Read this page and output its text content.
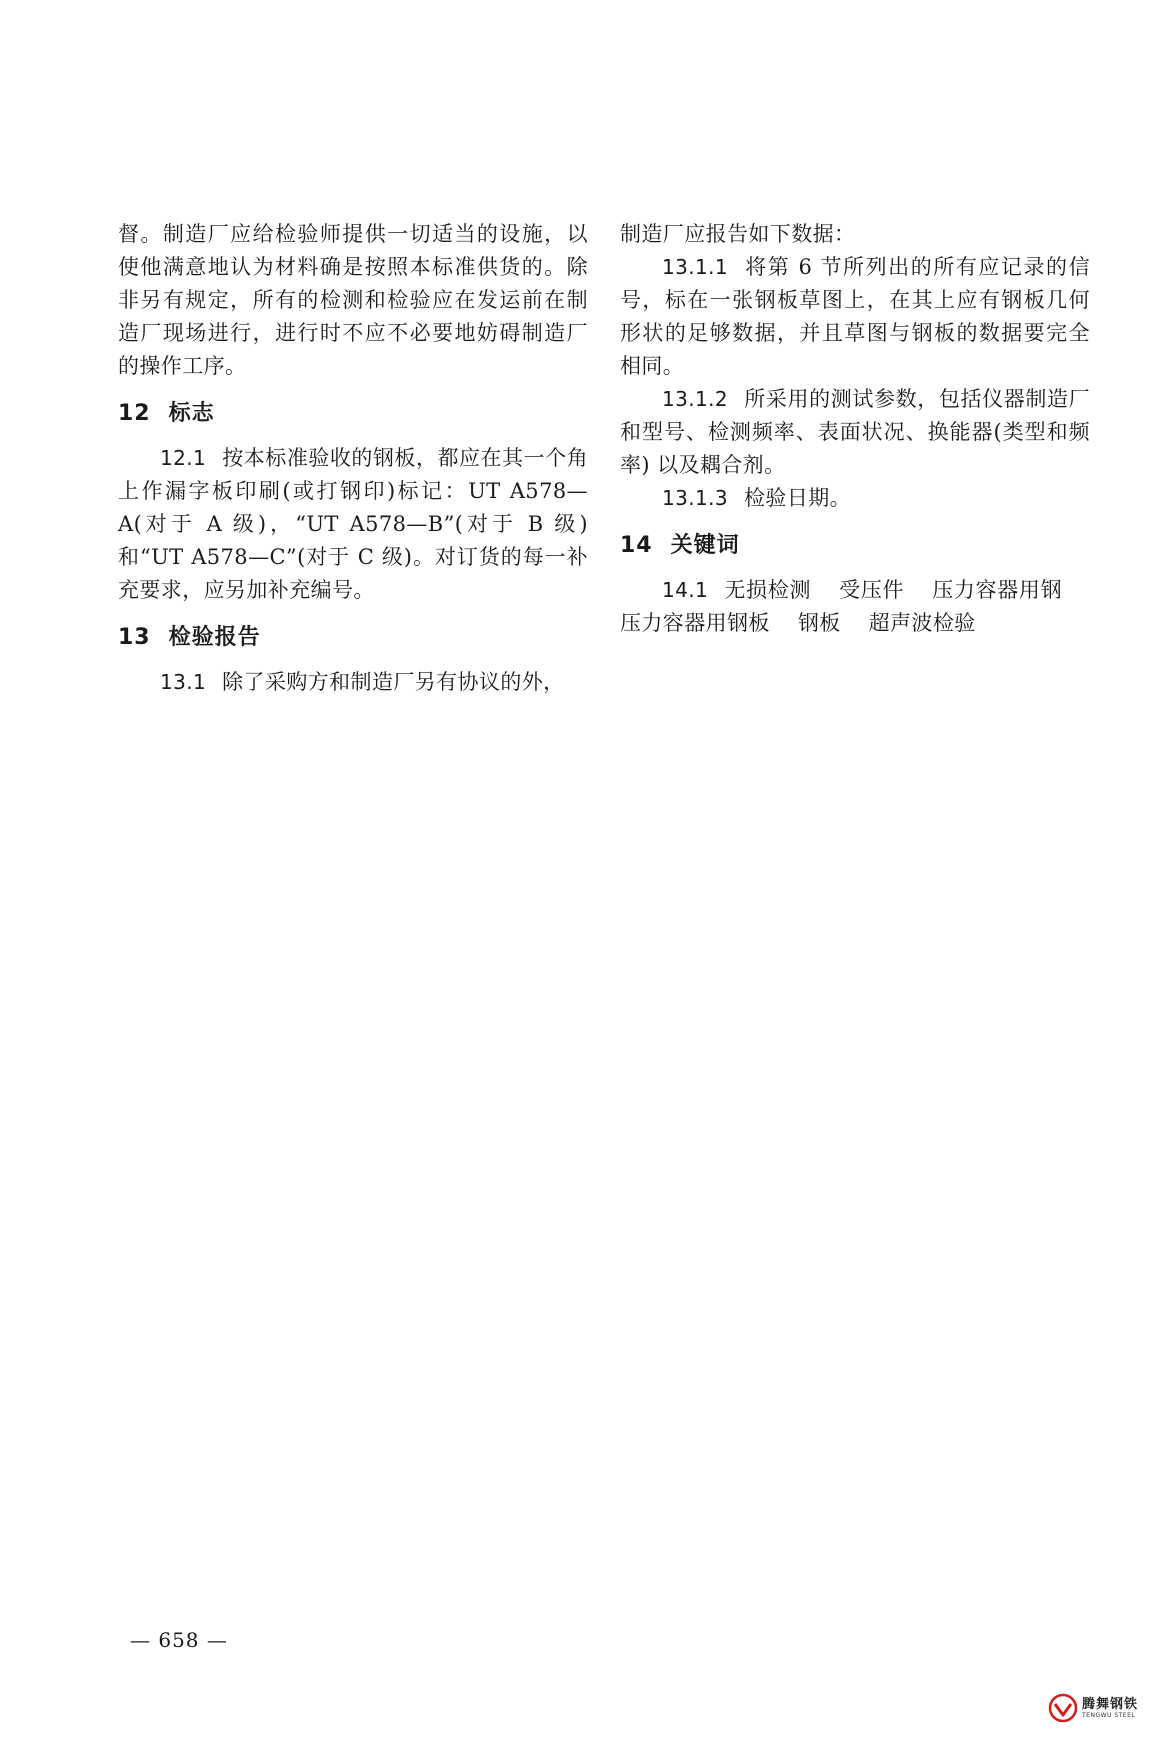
督。制造厂应给检验师提供一切适当的设施，以使他满意地认为材料确是按照本标准供货的。除非另有规定，所有的检测和检验应在发运前在制造厂现场进行，进行时不应不必要地妨碍制造厂的操作工序。

12 标志

12.1 按本标准验收的钢板，都应在其一个角上作漏字板印刷(或打钢印)标记：UT A578—A(对于 A 级)，“UT A578—B”(对于 B 级)和“UT A578—C”(对于 C 级)。对订货的每一补充要求，应另加补充编号。

13 检验报告

13.1 除了采购方和制造厂另有协议的外，

制造厂应报告如下数据：

13.1.1 将第 6 节所列出的所有应记录的信号，标在一张钢板草图上，在其上应有钢板几何形状的足够数据，并且草图与钢板的数据要完全相同。

13.1.2 所采用的测试参数，包括仪器制造厂和型号、检测频率、表面状况、换能器(类型和频率) 以及耦合剂。

13.1.3 检验日期。

14 关键词

14.1 无损检测 受压件 压力容器用钢压力容器用钢板 钢板 超声波检验

— 658 —
腾舞钢铁
TENGWU STEEL
